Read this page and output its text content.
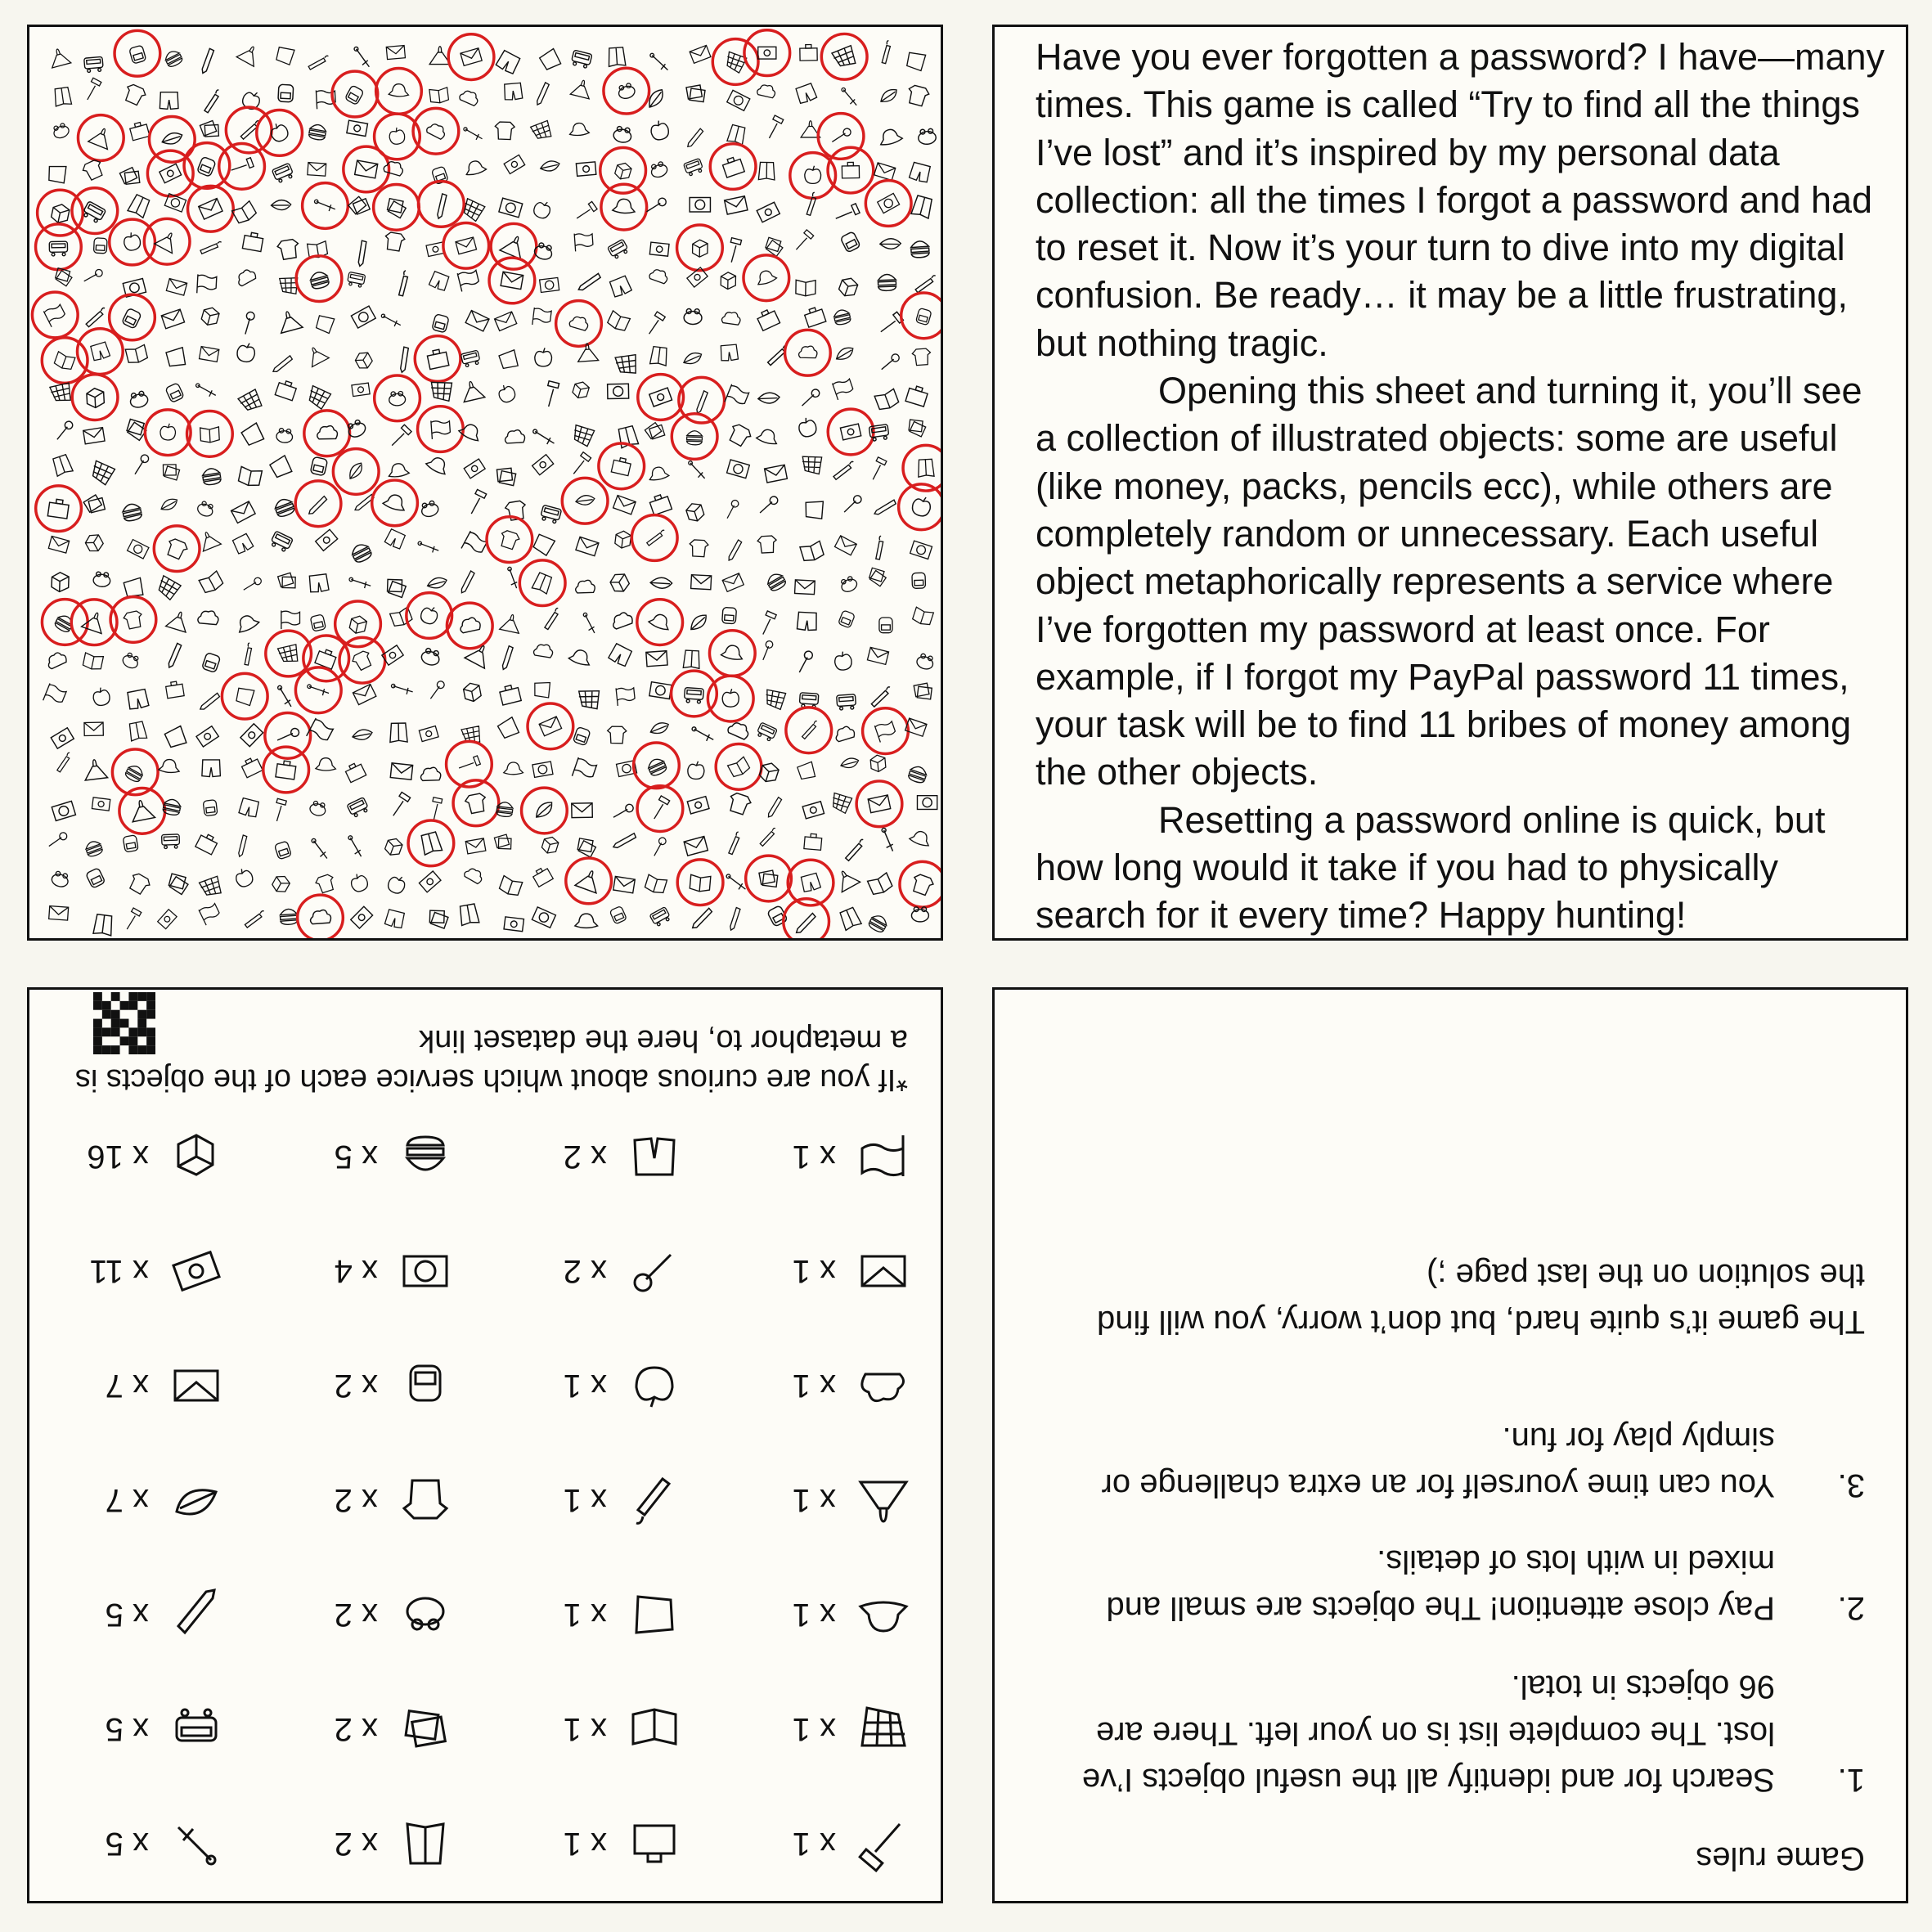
Have you ever forgotten a password? I have—many times. This game is called “Try to find all the things I’ve lost” and it’s inspired by my personal data collection: all the times I forgot a password and had to reset it. Now it’s your turn to dive into my digital confusion. Be ready… it may be a little frustrating, but nothing tragic.

Opening this sheet and turning it, you’ll see a collection of illustrated objects: some are useful (like money, packs, pencils ecc), while others are completely random or unnecessary. Each useful object metaphorically represents a service where I’ve forgotten my password at least once. For example, if I forgot my PayPal password 11 times, your task will be to find 11 bribes of money among the other objects.

Resetting a password online is quick, but how long would it take if you had to physically search for it every time? Happy hunting!

x 1
x 1
x 2
x 5
x 1
x 1
x 2
x 5
x 1
x 1
x 2
x 5
x 1
x 1
x 2
x 7
x 1
x 1
x 2
x 7
x 1
x 2
x 4
x 11
x 1
x 2
x 5
x 16
*If you are curious about which service each of the objects is a metaphor to, here the dataset link
Game rules
1.
Search for and identify all the useful objects I’ve lost. The complete list is on your left. There are 96 objects in total.
2.
Pay close attention! The objects are small and mixed in with lots of details.
3.
You can time yourself for an extra challenge or simply play for fun.
The game it’s quite hard, but don’t worry, you will find the solution on the last page ;)
